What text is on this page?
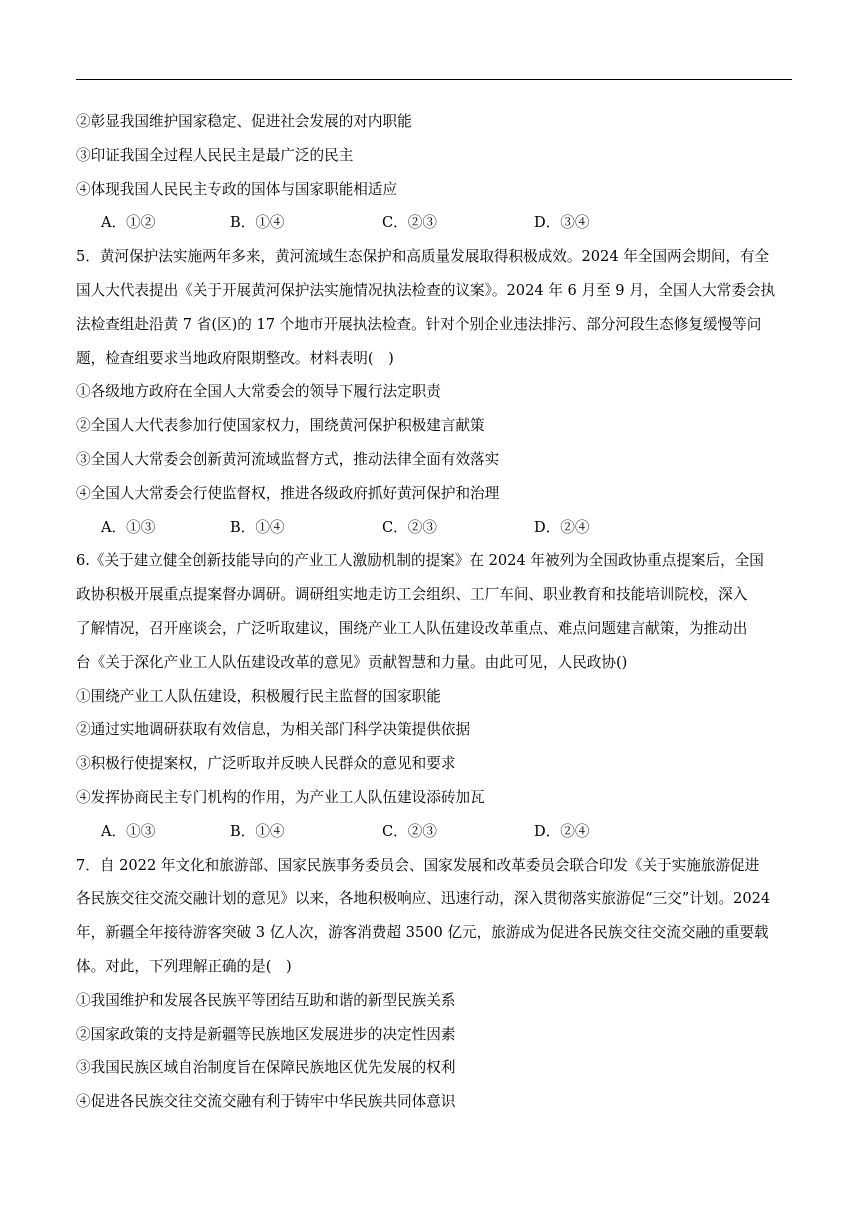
②彰显我国维护国家稳定、促进社会发展的对内职能
③印证我国全过程人民民主是最广泛的民主
④体现我国人民民主专政的国体与国家职能相适应
A．①②	B．①④	C．②③	D．③④
5．黄河保护法实施两年多来，黄河流域生态保护和高质量发展取得积极成效。2024 年全国两会期间，有全
国人大代表提出《关于开展黄河保护法实施情况执法检查的议案》。2024 年 6 月至 9 月，全国人大常委会执
法检查组赴沿黄 7 省(区)的 17 个地市开展执法检查。针对个别企业违法排污、部分河段生态修复缓慢等问
题，检查组要求当地政府限期整改。材料表明(　)
①各级地方政府在全国人大常委会的领导下履行法定职责
②全国人大代表参加行使国家权力，围绕黄河保护积极建言献策
③全国人大常委会创新黄河流域监督方式，推动法律全面有效落实
④全国人大常委会行使监督权，推进各级政府抓好黄河保护和治理
A．①③	B．①④	C．②③	D．②④
6.《关于建立健全创新技能导向的产业工人激励机制的提案》在 2024 年被列为全国政协重点提案后，全国
政协积极开展重点提案督办调研。调研组实地走访工会组织、工厂车间、职业教育和技能培训院校，深入
了解情况，召开座谈会，广泛听取建议，围绕产业工人队伍建设改革重点、难点问题建言献策，为推动出
台《关于深化产业工人队伍建设改革的意见》贡献智慧和力量。由此可见，人民政协()
①围绕产业工人队伍建设，积极履行民主监督的国家职能
②通过实地调研获取有效信息，为相关部门科学决策提供依据
③积极行使提案权，广泛听取并反映人民群众的意见和要求
④发挥协商民主专门机构的作用，为产业工人队伍建设添砖加瓦
A．①③	B．①④	C．②③	D．②④
7．自 2022 年文化和旅游部、国家民族事务委员会、国家发展和改革委员会联合印发《关于实施旅游促进
各民族交往交流交融计划的意见》以来，各地积极响应、迅速行动，深入贯彻落实旅游促“三交”计划。2024
年，新疆全年接待游客突破 3 亿人次，游客消费超 3500 亿元，旅游成为促进各民族交往交流交融的重要载
体。对此，下列理解正确的是(　)
①我国维护和发展各民族平等团结互助和谐的新型民族关系
②国家政策的支持是新疆等民族地区发展进步的决定性因素
③我国民族区域自治制度旨在保障民族地区优先发展的权利
④促进各民族交往交流交融有利于铸牢中华民族共同体意识
